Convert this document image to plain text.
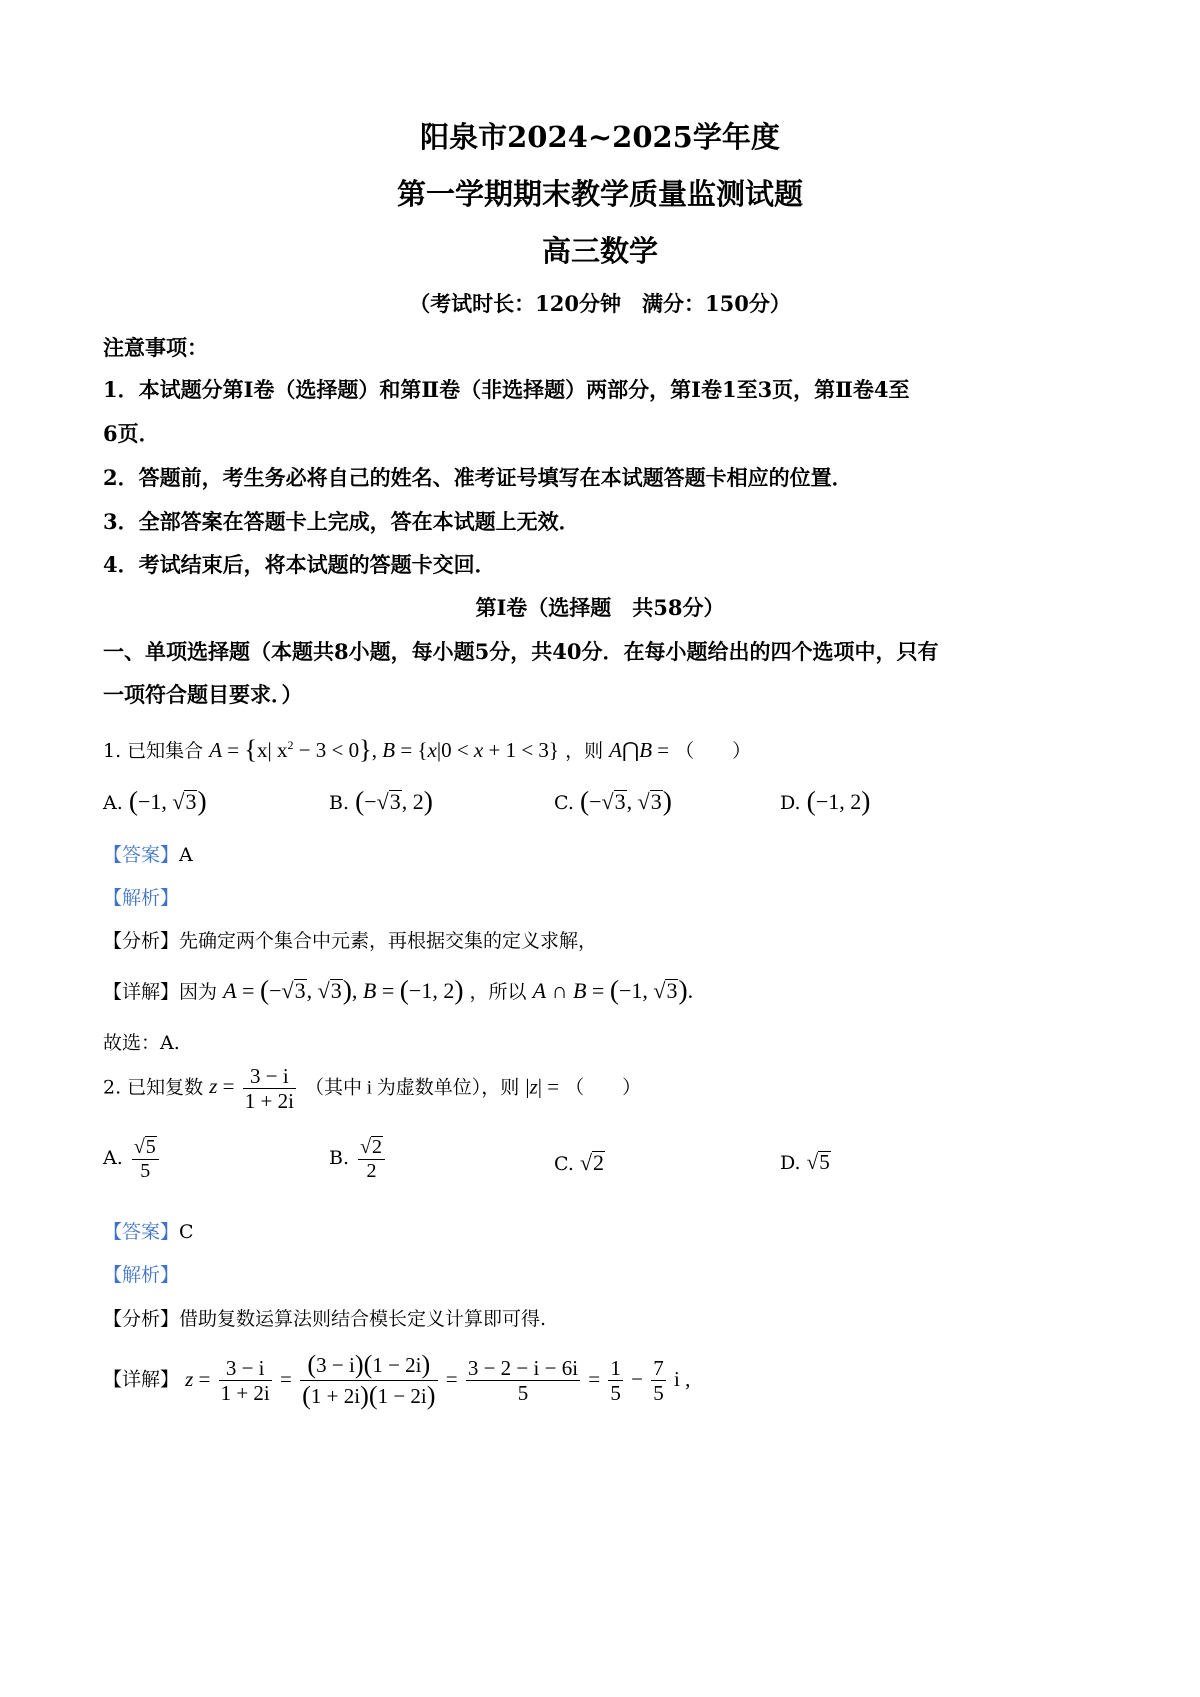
阳泉市2024~2025学年度
第一学期期末教学质量监测试题
高三数学
（考试时长：120分钟　满分：150分）
注意事项：
1．本试题分第Ⅰ卷（选择题）和第Ⅱ卷（非选择题）两部分，第Ⅰ卷1至3页，第Ⅱ卷4至
6页．
2．答题前，考生务必将自己的姓名、准考证号填写在本试题答题卡相应的位置．
3．全部答案在答题卡上完成，答在本试题上无效．
4．考试结束后，将本试题的答题卡交回．
第Ⅰ卷（选择题　共58分）
一、单项选择题（本题共8小题，每小题5分，共40分．在每小题给出的四个选项中，只有
一项符合题目要求．）
1. 已知集合 A = {x| $x^2 - 3 < 0$}, B = {x|0 < x + 1 < 3} ，则 A⋂B = （　　）
A. (−1, √3)	B. (−√3, 2)	C. (−√3, √3)	D. (−1, 2)
【答案】A
【解析】
【分析】先确定两个集合中元素，再根据交集的定义求解，
【详解】因为 A = (−√3, √3), B = (−1, 2) ，所以 A ∩ B = (−1, √3).
故选：A.
2. 已知复数 $z = \frac{3 - i}{1 + 2i}$ （其中 i 为虚数单位），则 |z| = （　　）
A. $\frac{√5}{5}$	B. $\frac{√2}{2}$	C. √2	D. √5
【答案】C
【解析】
【分析】借助复数运算法则结合模长定义计算即可得.
【详解】 $z = \frac{3 - i}{1 + 2i} = \frac{(3 - i)(1 - 2i)}{(1 + 2i)(1 - 2i)} = \frac{3 - 2 - i - 6i}{5} = \frac{1}{5} - \frac{7}{5}$ i ,
